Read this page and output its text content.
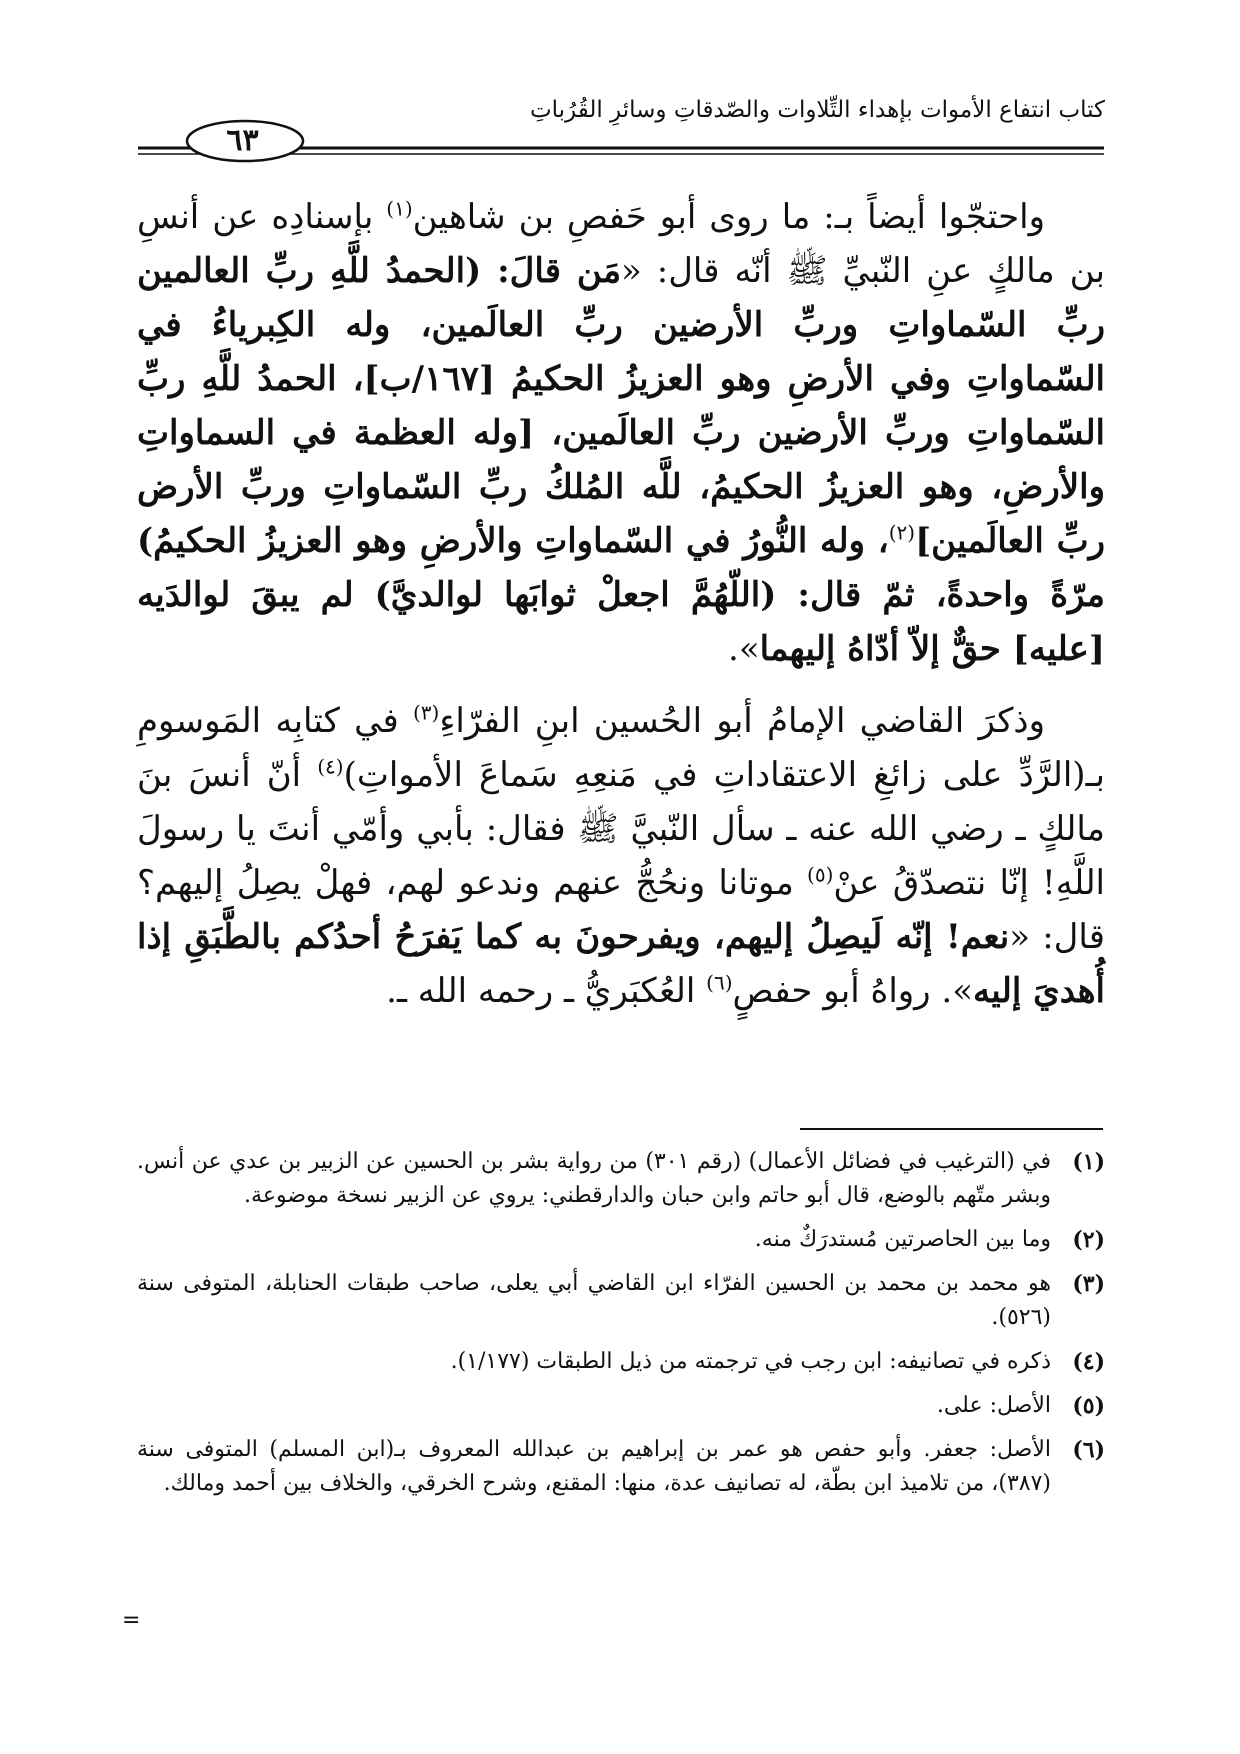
كتاب انتفاع الأموات بإهداء التِّلاوات والصّدقاتِ وسائرِ القُرُباتِ
٦٣

واحتجّوا أيضاً بـ: ما روى أبو حَفصِ بن شاهين$^{(١)}$ بإسنادِه عن أنسِ بن مالكٍ عنِ النّبيِّ ﷺ أنّه قال: «مَن قالَ: (الحمدُ للَّهِ ربِّ العالمين ربِّ السّماواتِ وربِّ الأرضين ربِّ العالَمين، وله الكِبرياءُ في السّماواتِ وفي الأرضِ وهو العزيزُ الحكيمُ [١٦٧/ب]، الحمدُ للَّهِ ربِّ السّماواتِ وربِّ الأرضين ربِّ العالَمين، [وله العظمة في السماواتِ والأرضِ، وهو العزيزُ الحكيمُ، للَّه المُلكُ ربِّ السّماواتِ وربِّ الأرض ربِّ العالَمين]$^{(٢)}$، وله النُّورُ في السّماواتِ والأرضِ وهو العزيزُ الحكيمُ) مرّةً واحدةً، ثمّ قال: (اللّهُمَّ اجعلْ ثوابَها لوالديَّ) لم يبقَ لوالدَيه [عليه] حقٌّ إلاّ أدّاهُ إليهما».

وذكرَ القاضي الإمامُ أبو الحُسين ابنِ الفرّاءِ$^{(٣)}$ في كتابِه المَوسومِ بـ(الرَّدِّ على زائغِ الاعتقاداتِ في مَنعِهِ سَماعَ الأمواتِ)$^{(٤)}$ أنّ أنسَ بنَ مالكٍ ـ رضي الله عنه ـ سأل النّبيَّ ﷺ فقال: بأبي وأمّي أنتَ يا رسولَ اللَّهِ! إنّا نتصدّقُ عنْ$^{(٥)}$ موتانا ونحُجُّ عنهم وندعو لهم، فهلْ يصِلُ إليهم؟ قال: «نعم! إنّه لَيصِلُ إليهم، ويفرحونَ به كما يَفرَحُ أحدُكم بالطَّبَقِ إذا أُهديَ إليه». رواهُ أبو حفصٍ$^{(٦)}$ العُكبَريُّ ـ رحمه الله ـ.

(١)
في (الترغيب في فضائل الأعمال) (رقم ٣٠١) من رواية بشر بن الحسين عن الزبير بن عدي عن أنس. وبشر متّهم بالوضع، قال أبو حاتم وابن حبان والدارقطني: يروي عن الزبير نسخة موضوعة.
(٢)
وما بين الحاصرتين مُستدرَكٌ منه.
(٣)
هو محمد بن محمد بن الحسين الفرّاء ابن القاضي أبي يعلى، صاحب طبقات الحنابلة، المتوفى سنة (٥٢٦).
(٤)
ذكره في تصانيفه: ابن رجب في ترجمته من ذيل الطبقات (١/١٧٧).
(٥)
الأصل: على.
(٦)
الأصل: جعفر. وأبو حفص هو عمر بن إبراهيم بن عبدالله المعروف بـ(ابن المسلم) المتوفى سنة (٣٨٧)، من تلاميذ ابن بطّة، له تصانيف عدة، منها: المقنع، وشرح الخرقي، والخلاف بين أحمد ومالك.
=
